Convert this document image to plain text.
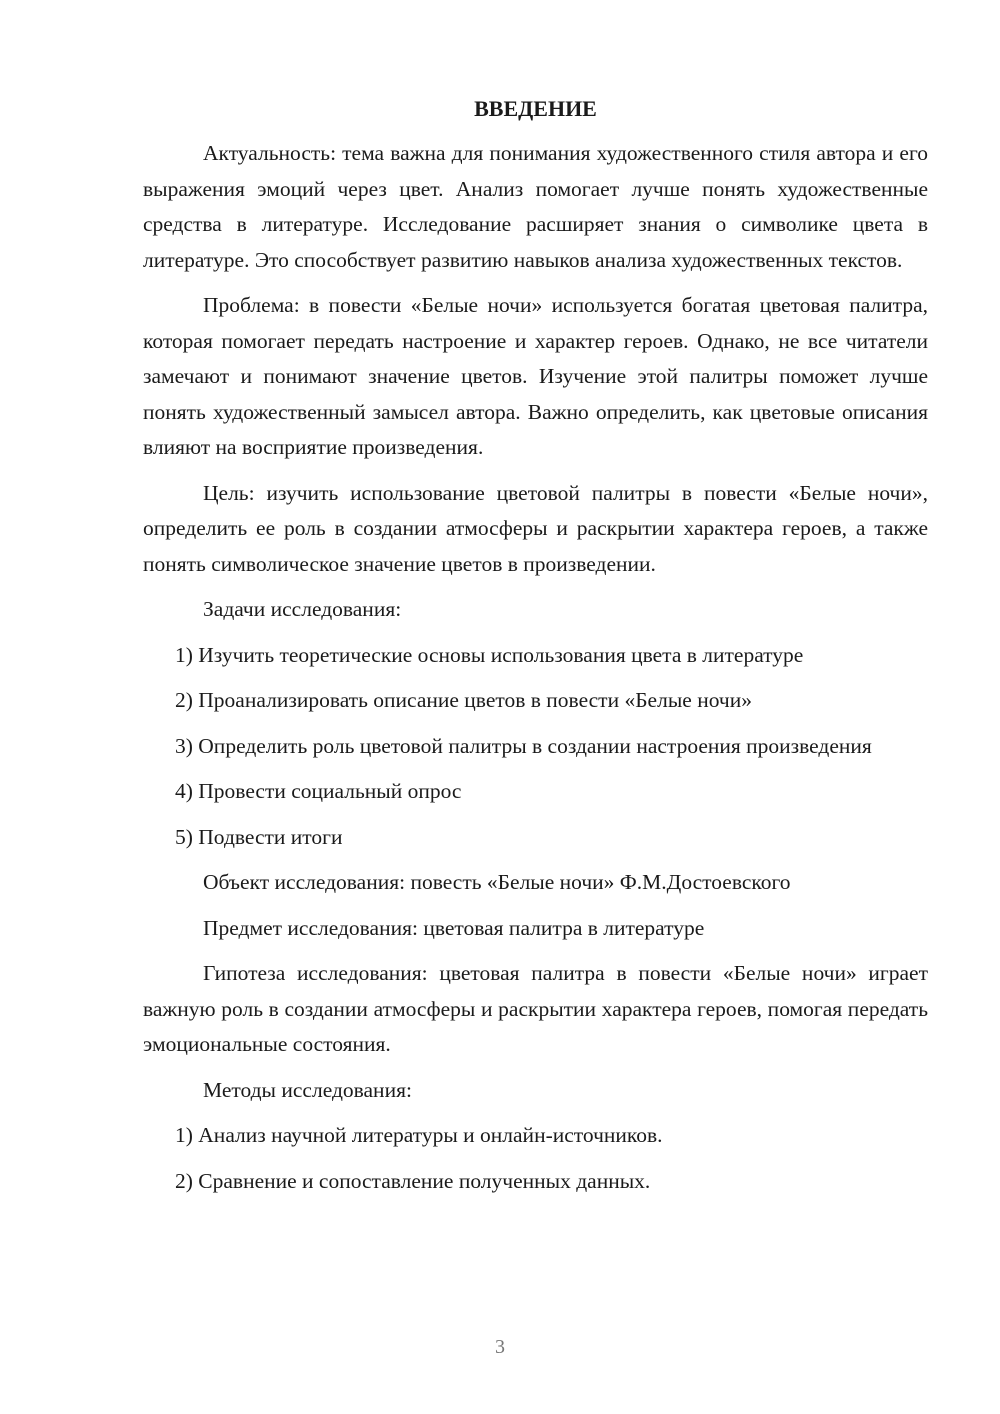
ВВЕДЕНИЕ

Актуальность: тема важна для понимания художественного стиля автора и его выражения эмоций через цвет. Анализ помогает лучше понять художественные средства в литературе. Исследование расширяет знания о символике цвета в литературе. Это способствует развитию навыков анализа художественных текстов.

Проблема: в повести «Белые ночи» используется богатая цветовая палитра, которая помогает передать настроение и характер героев. Однако, не все читатели замечают и понимают значение цветов. Изучение этой палитры поможет лучше понять художественный замысел автора. Важно определить, как цветовые описания влияют на восприятие произведения.

Цель: изучить использование цветовой палитры в повести «Белые ночи», определить ее роль в создании атмосферы и раскрытии характера героев, а также понять символическое значение цветов в произведении.

Задачи исследования:

1) Изучить теоретические основы использования цвета в литературе

2) Проанализировать описание цветов в повести «Белые ночи»

3) Определить роль цветовой палитры в создании настроения произведения

4) Провести социальный опрос

5) Подвести итоги

Объект исследования: повесть «Белые ночи» Ф.М.Достоевского

Предмет исследования: цветовая палитра в литературе

Гипотеза исследования: цветовая палитра в повести «Белые ночи» играет важную роль в создании атмосферы и раскрытии характера героев, помогая передать эмоциональные состояния.

Методы исследования:

1) Анализ научной литературы и онлайн-источников.

2) Сравнение и сопоставление полученных данных.

3
